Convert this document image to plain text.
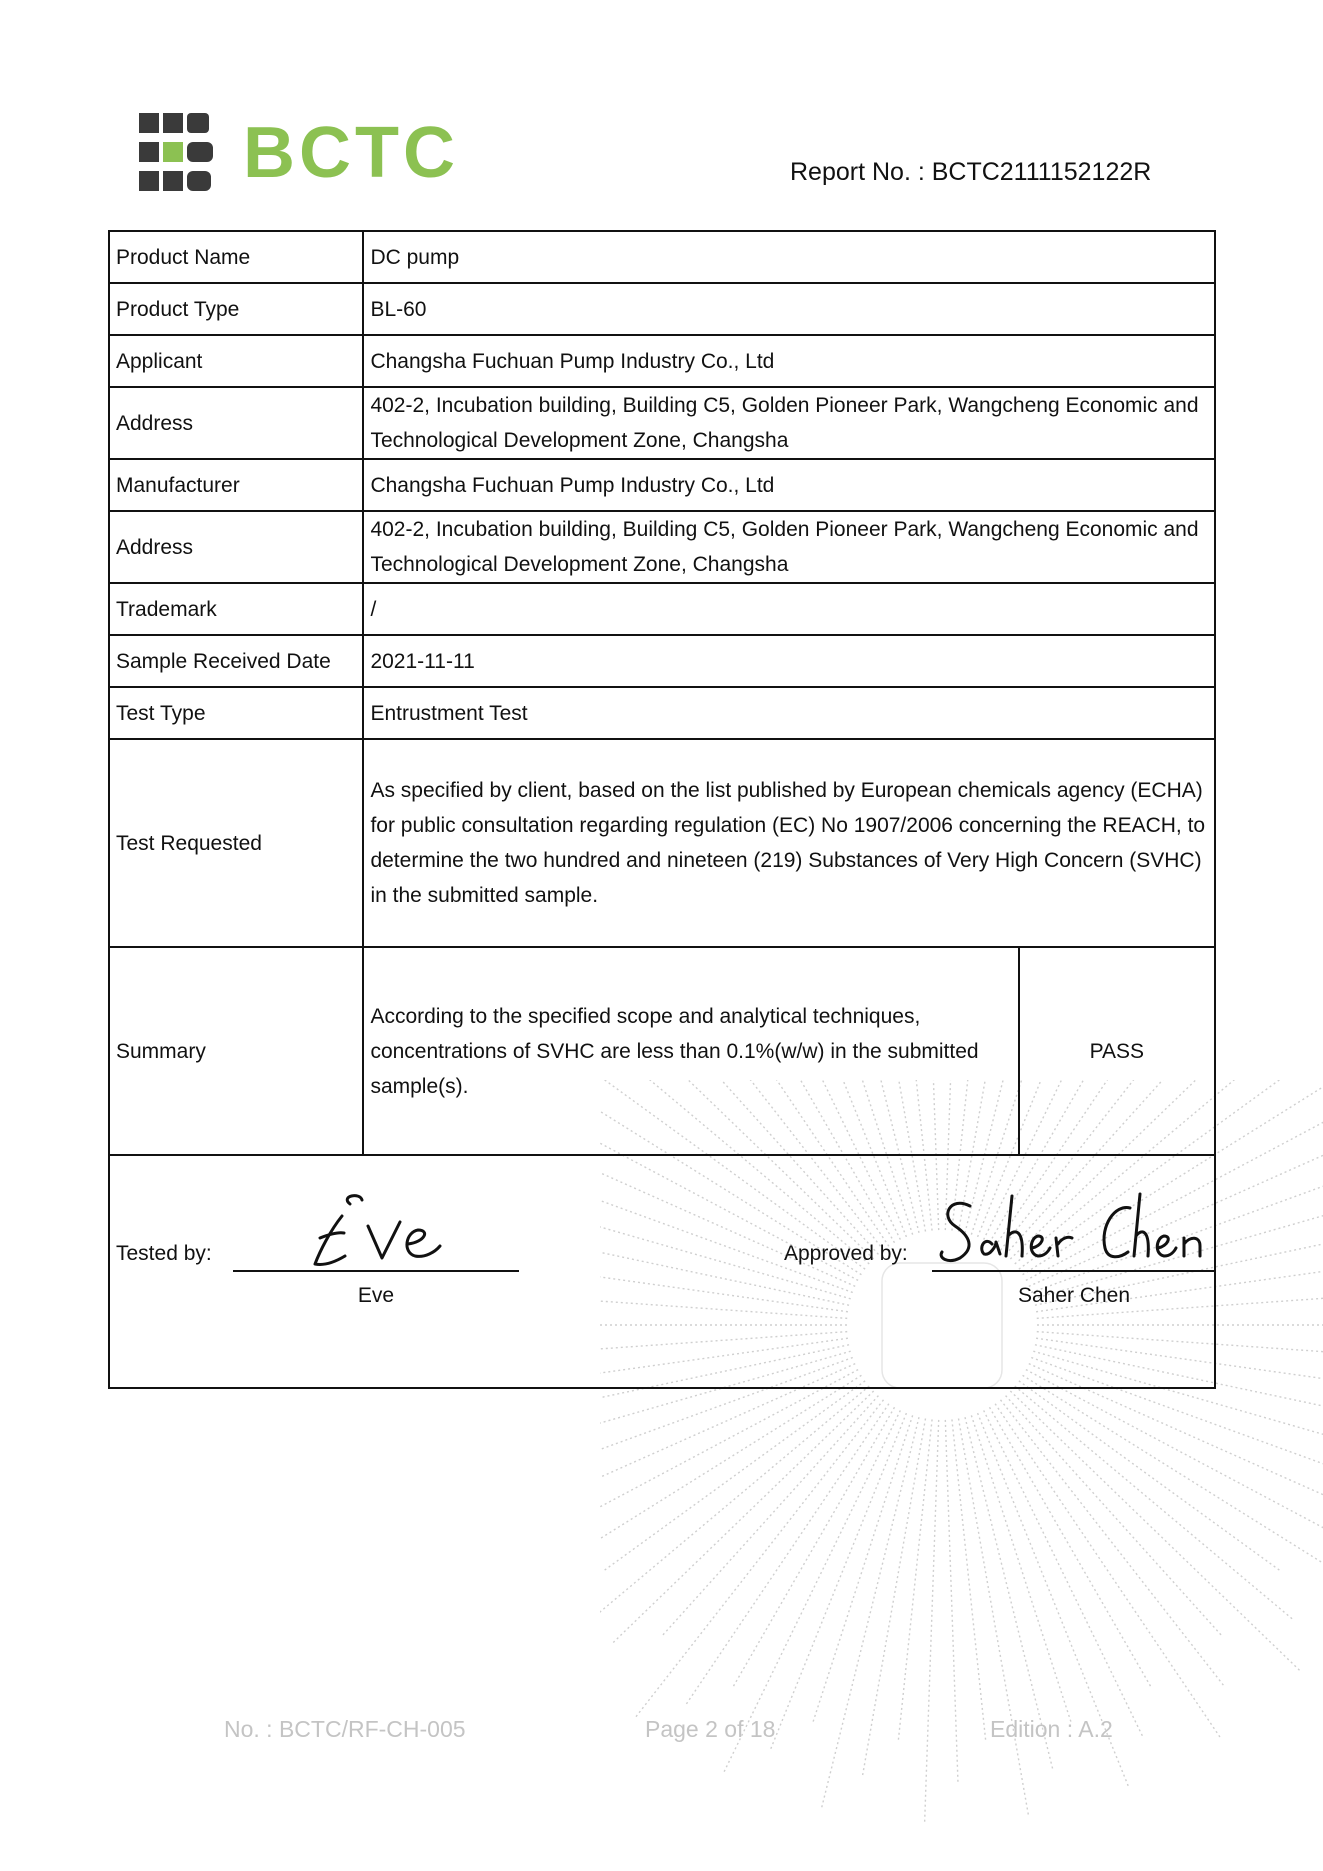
BCTC	Report No. : BCTC2111152122R
Product Name	DC pump	
Product Type	BL-60	
Applicant	Changsha Fuchuan Pump Industry Co., Ltd	
Address	402-2, Incubation building, Building C5, Golden Pioneer Park, Wangcheng Economic and Technological Development Zone, Changsha	
Manufacturer	Changsha Fuchuan Pump Industry Co., Ltd	
Address	402-2, Incubation building, Building C5, Golden Pioneer Park, Wangcheng Economic and Technological Development Zone, Changsha	
Trademark	/	
Sample Received Date	2021-11-11	
Test Type	Entrustment Test	
Test Requested	As specified by client, based on the list published by European chemicals agency (ECHA) for public consultation regarding regulation (EC) No 1907/2006 concerning the REACH, to determine the two hundred and nineteen (219) Substances of Very High Concern (SVHC) in the submitted sample.	
Summary	According to the specified scope and analytical techniques, concentrations of SVHC are less than 0.1%(w/w) in the submitted sample(s).	PASS

Tested by:
Eve
Approved by:
Saher Chen		
No. : BCTC/RF-CH-005	Page 2 of 18	Edition : A.2
